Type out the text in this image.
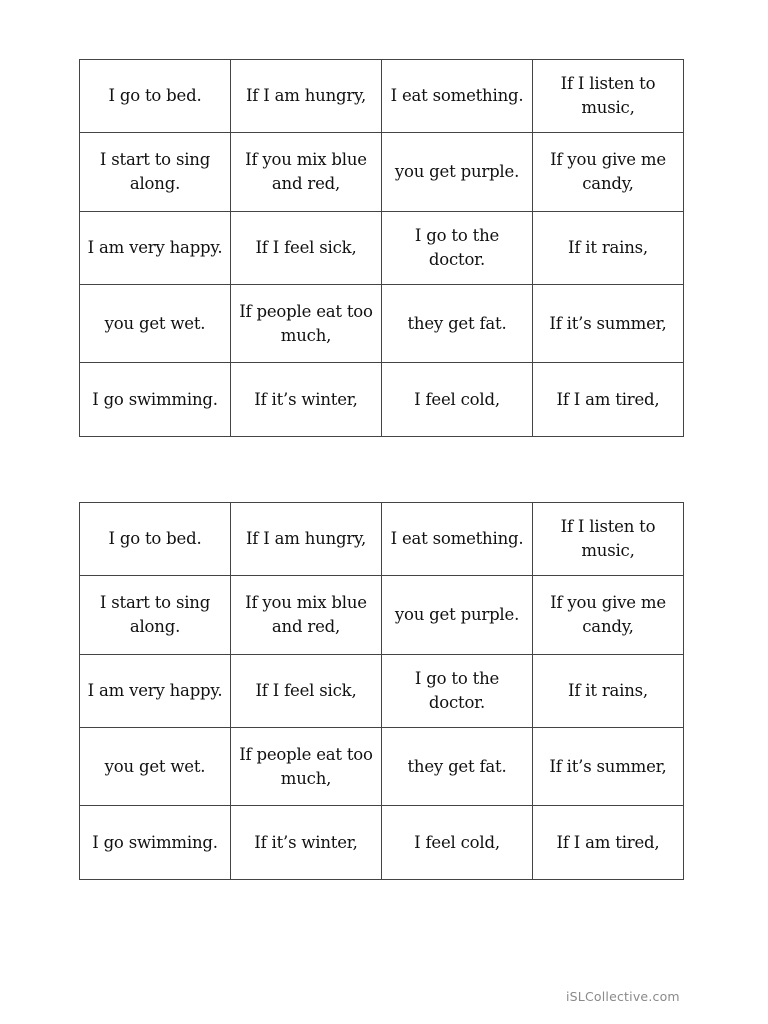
I go to bed.	If I am hungry,	I eat something.	If I listen to music,
I start to sing along.	If you mix blue and red,	you get purple.	If you give me candy,
I am very happy.	If I feel sick,	I go to the doctor.	If it rains,
you get wet.	If people eat too much,	they get fat.	If it’s summer,
I go swimming.	If it’s winter,	I feel cold,	If I am tired,
I go to bed.	If I am hungry,	I eat something.	If I listen to music,
I start to sing along.	If you mix blue and red,	you get purple.	If you give me candy,
I am very happy.	If I feel sick,	I go to the doctor.	If it rains,
you get wet.	If people eat too much,	they get fat.	If it’s summer,
I go swimming.	If it’s winter,	I feel cold,	If I am tired,
iSLCollective.com
